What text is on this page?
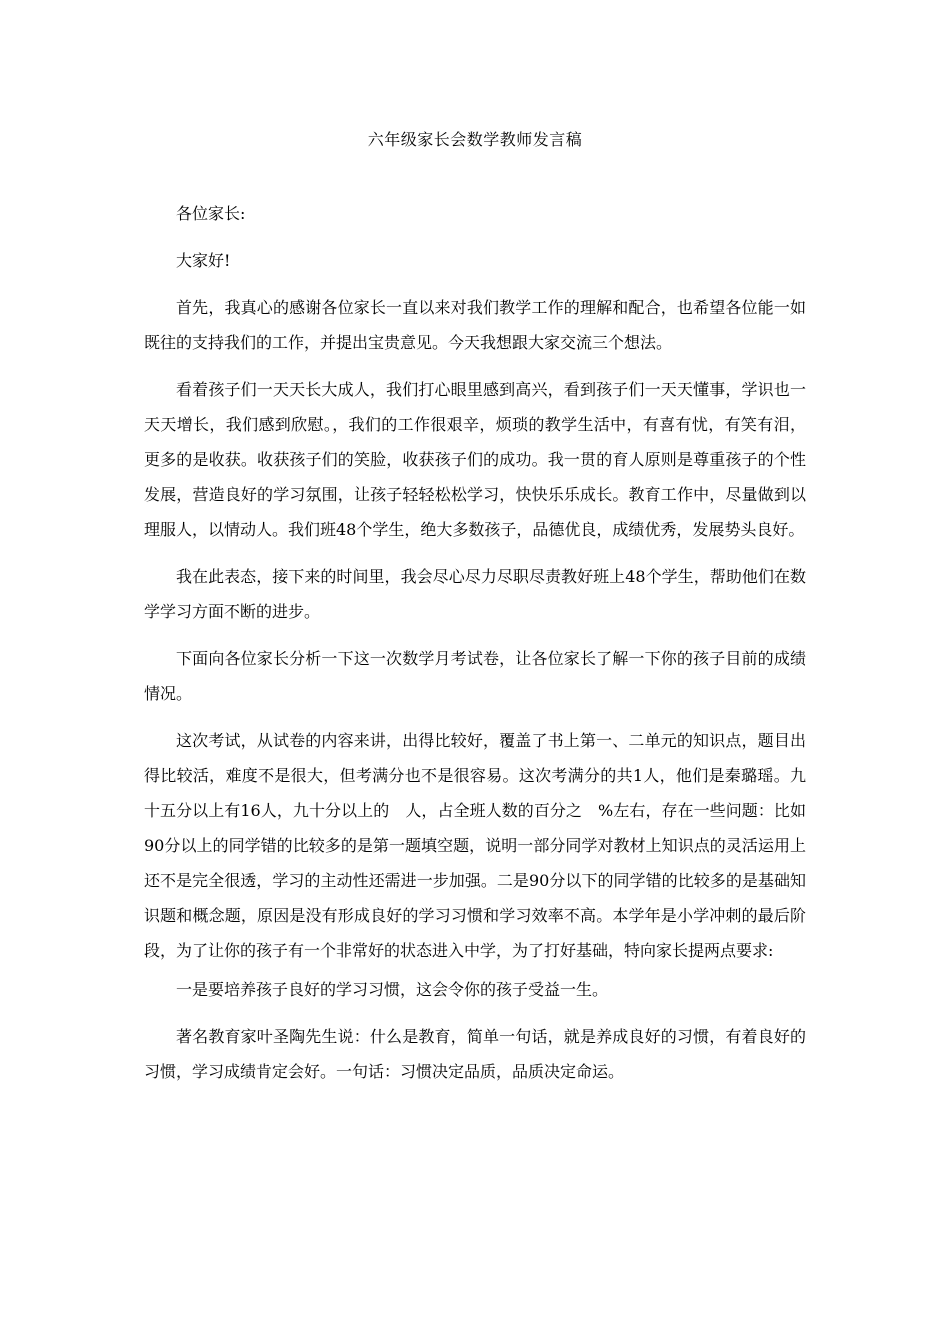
六年级家长会数学教师发言稿

各位家长:

大家好!

首先，我真心的感谢各位家长一直以来对我们教学工作的理解和配合，也希望各位能一如既往的支持我们的工作，并提出宝贵意见。今天我想跟大家交流三个想法。

看着孩子们一天天长大成人，我们打心眼里感到高兴，看到孩子们一天天懂事，学识也一天天增长，我们感到欣慰。，我们的工作很艰辛，烦琐的教学生活中，有喜有忧，有笑有泪，更多的是收获。收获孩子们的笑脸，收获孩子们的成功。我一贯的育人原则是尊重孩子的个性发展，营造良好的学习氛围，让孩子轻轻松松学习，快快乐乐成长。教育工作中，尽量做到以理服人，以情动人。我们班48个学生，绝大多数孩子，品德优良，成绩优秀，发展势头良好。

我在此表态，接下来的时间里，我会尽心尽力尽职尽责教好班上48个学生，帮助他们在数学学习方面不断的进步。

下面向各位家长分析一下这一次数学月考试卷，让各位家长了解一下你的孩子目前的成绩情况。

这次考试，从试卷的内容来讲，出得比较好，覆盖了书上第一、二单元的知识点，题目出得比较活，难度不是很大，但考满分也不是很容易。这次考满分的共1人，他们是秦璐瑶。九十五分以上有16人，九十分以上的　人，占全班人数的百分之　%左右，存在一些问题：比如90分以上的同学错的比较多的是第一题填空题，说明一部分同学对教材上知识点的灵活运用上还不是完全很透，学习的主动性还需进一步加强。二是90分以下的同学错的比较多的是基础知识题和概念题，原因是没有形成良好的学习习惯和学习效率不高。本学年是小学冲刺的最后阶段，为了让你的孩子有一个非常好的状态进入中学，为了打好基础，特向家长提两点要求:

一是要培养孩子良好的学习习惯，这会令你的孩子受益一生。

著名教育家叶圣陶先生说：什么是教育，简单一句话，就是养成良好的习惯，有着良好的习惯，学习成绩肯定会好。一句话：习惯决定品质，品质决定命运。
